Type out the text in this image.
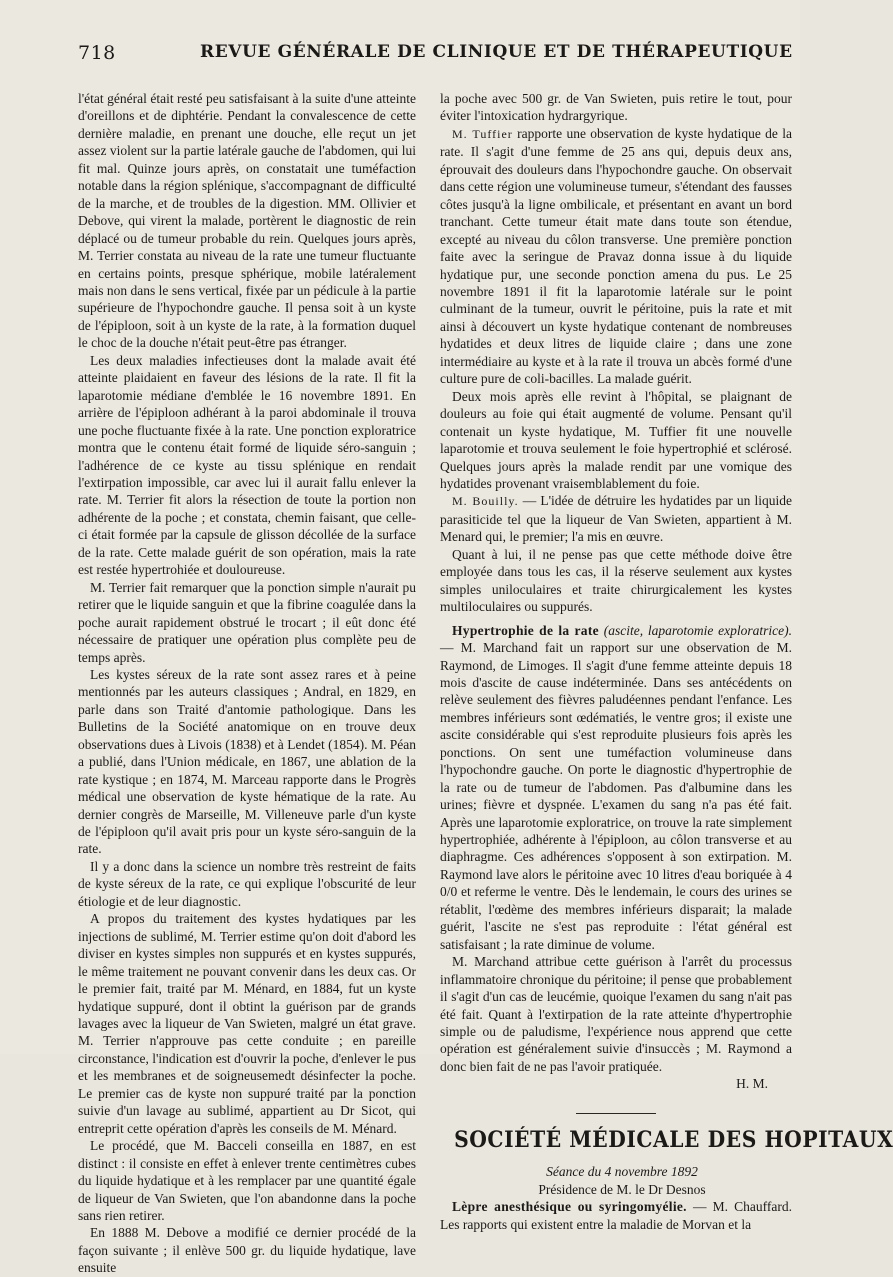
718	REVUE GÉNÉRALE DE CLINIQUE ET DE THÉRAPEUTIQUE

l'état général était resté peu satisfaisant à la suite d'une atteinte d'oreillons et de diphtérie. Pendant la convalescence de cette dernière maladie, en prenant une douche, elle reçut un jet assez violent sur la partie latérale gauche de l'abdomen, qui lui fit mal. Quinze jours après, on constatait une tuméfaction notable dans la région splénique, s'accompagnant de difficulté de la marche, et de troubles de la digestion. MM. Ollivier et Debove, qui virent la malade, portèrent le diagnostic de rein déplacé ou de tumeur probable du rein. Quelques jours après, M. Terrier constata au niveau de la rate une tumeur fluctuante en certains points, presque sphérique, mobile latéralement mais non dans le sens vertical, fixée par un pédicule à la partie supérieure de l'hypochondre gauche. Il pensa soit à un kyste de l'épiploon, soit à un kyste de la rate, à la formation duquel le choc de la douche n'était peut-être pas étranger.

Les deux maladies infectieuses dont la malade avait été atteinte plaidaient en faveur des lésions de la rate. Il fit la laparotomie médiane d'emblée le 16 novembre 1891. En arrière de l'épiploon adhérant à la paroi abdominale il trouva une poche fluctuante fixée à la rate. Une ponction exploratrice montra que le contenu était formé de liquide séro-sanguin ; l'adhérence de ce kyste au tissu splénique en rendait l'extirpation impossible, car avec lui il aurait fallu enlever la rate. M. Terrier fit alors la résection de toute la portion non adhérente de la poche ; et constata, chemin faisant, que celle-ci était formée par la capsule de glisson décollée de la surface de la rate. Cette malade guérit de son opération, mais la rate est restée hypertrohiée et douloureuse.

M. Terrier fait remarquer que la ponction simple n'aurait pu retirer que le liquide sanguin et que la fibrine coagulée dans la poche aurait rapidement obstrué le trocart ; il eût donc été nécessaire de pratiquer une opération plus complète peu de temps après.

Les kystes séreux de la rate sont assez rares et à peine mentionnés par les auteurs classiques ; Andral, en 1829, en parle dans son Traité d'antomie pathologique. Dans les Bulletins de la Société anatomique on en trouve deux observations dues à Livois (1838) et à Lendet (1854). M. Péan a publié, dans l'Union médicale, en 1867, une ablation de la rate kystique ; en 1874, M. Marceau rapporte dans le Progrès médical une observation de kyste hématique de la rate. Au dernier congrès de Marseille, M. Villeneuve parle d'un kyste de l'épiploon qu'il avait pris pour un kyste séro-sanguin de la rate.

Il y a donc dans la science un nombre très restreint de faits de kyste séreux de la rate, ce qui explique l'obscurité de leur étiologie et de leur diagnostic.

A propos du traitement des kystes hydatiques par les injections de sublimé, M. Terrier estime qu'on doit d'abord les diviser en kystes simples non suppurés et en kystes suppurés, le même traitement ne pouvant convenir dans les deux cas. Or le premier fait, traité par M. Ménard, en 1884, fut un kyste hydatique suppuré, dont il obtint la guérison par de grands lavages avec la liqueur de Van Swieten, malgré un état grave. M. Terrier n'approuve pas cette conduite ; en pareille circonstance, l'indication est d'ouvrir la poche, d'enlever le pus et les membranes et de soigneusemedt désinfecter la poche. Le premier cas de kyste non suppuré traité par la ponction suivie d'un lavage au sublimé, appartient au Dr Sicot, qui entreprit cette opération d'après les conseils de M. Ménard.

Le procédé, que M. Bacceli conseilla en 1887, en est distinct : il consiste en effet à enlever trente centimètres cubes du liquide hydatique et à les remplacer par une quantité égale de liqueur de Van Swieten, que l'on abandonne dans la poche sans rien retirer.

En 1888 M. Debove a modifié ce dernier procédé de la façon suivante ; il enlève 500 gr. du liquide hydatique, lave ensuite

la poche avec 500 gr. de Van Swieten, puis retire le tout, pour éviter l'intoxication hydrargyrique.

M. Tuffier rapporte une observation de kyste hydatique de la rate. Il s'agit d'une femme de 25 ans qui, depuis deux ans, éprouvait des douleurs dans l'hypochondre gauche. On observait dans cette région une volumineuse tumeur, s'étendant des fausses côtes jusqu'à la ligne ombilicale, et présentant en avant un bord tranchant. Cette tumeur était mate dans toute son étendue, excepté au niveau du côlon transverse. Une première ponction faite avec la seringue de Pravaz donna issue à du liquide hydatique pur, une seconde ponction amena du pus. Le 25 novembre 1891 il fit la laparotomie latérale sur le point culminant de la tumeur, ouvrit le péritoine, puis la rate et mit ainsi à découvert un kyste hydatique contenant de nombreuses hydatides et deux litres de liquide claire ; dans une zone intermédiaire au kyste et à la rate il trouva un abcès formé d'une culture pure de coli-bacilles. La malade guérit.

Deux mois après elle revint à l'hôpital, se plaignant de douleurs au foie qui était augmenté de volume. Pensant qu'il contenait un kyste hydatique, M. Tuffier fit une nouvelle laparotomie et trouva seulement le foie hypertrophié et sclérosé. Quelques jours après la malade rendit par une vomique des hydatides provenant vraisemblablement du foie.

M. Bouilly. — L'idée de détruire les hydatides par un liquide parasiticide tel que la liqueur de Van Swieten, appartient à M. Menard qui, le premier; l'a mis en œuvre.

Quant à lui, il ne pense pas que cette méthode doive être employée dans tous les cas, il la réserve seulement aux kystes simples uniloculaires et traite chirurgicalement les kystes multiloculaires ou suppurés.

Hypertrophie de la rate (ascite, laparotomie exploratrice).— M. Marchand fait un rapport sur une observation de M. Raymond, de Limoges. Il s'agit d'une femme atteinte depuis 18 mois d'ascite de cause indéterminée. Dans ses antécédents on relève seulement des fièvres paludéennes pendant l'enfance. Les membres inférieurs sont œdématiés, le ventre gros; il existe une ascite considérable qui s'est reproduite plusieurs fois après les ponctions. On sent une tuméfaction volumineuse dans l'hypochondre gauche. On porte le diagnostic d'hypertrophie de la rate ou de tumeur de l'abdomen. Pas d'albumine dans les urines; fièvre et dyspnée. L'examen du sang n'a pas été fait. Après une laparotomie exploratrice, on trouve la rate simplement hypertrophiée, adhérente à l'épiploon, au côlon transverse et au diaphragme. Ces adhérences s'opposent à son extirpation. M. Raymond lave alors le péritoine avec 10 litres d'eau boriquée à 4 0/0 et referme le ventre. Dès le lendemain, le cours des urines se rétablit, l'œdème des membres inférieurs disparait; la malade guérit, l'ascite ne s'est pas reproduite : l'état général est satisfaisant ; la rate diminue de volume.

M. Marchand attribue cette guérison à l'arrêt du processus inflammatoire chronique du péritoine; il pense que probablement il s'agit d'un cas de leucémie, quoique l'examen du sang n'ait pas été fait. Quant à l'extirpation de la rate atteinte d'hypertrophie simple ou de paludisme, l'expérience nous apprend que cette opération est généralement suivie d'insuccès ; M. Raymond a donc bien fait de ne pas l'avoir pratiquée.

H. M.

SOCIÉTÉ MÉDICALE DES HOPITAUX

Séance du 4 novembre 1892

Présidence de M. le Dr Desnos

Lèpre anesthésique ou syringomyélie. — M. Chauffard. Les rapports qui existent entre la maladie de Morvan et la
